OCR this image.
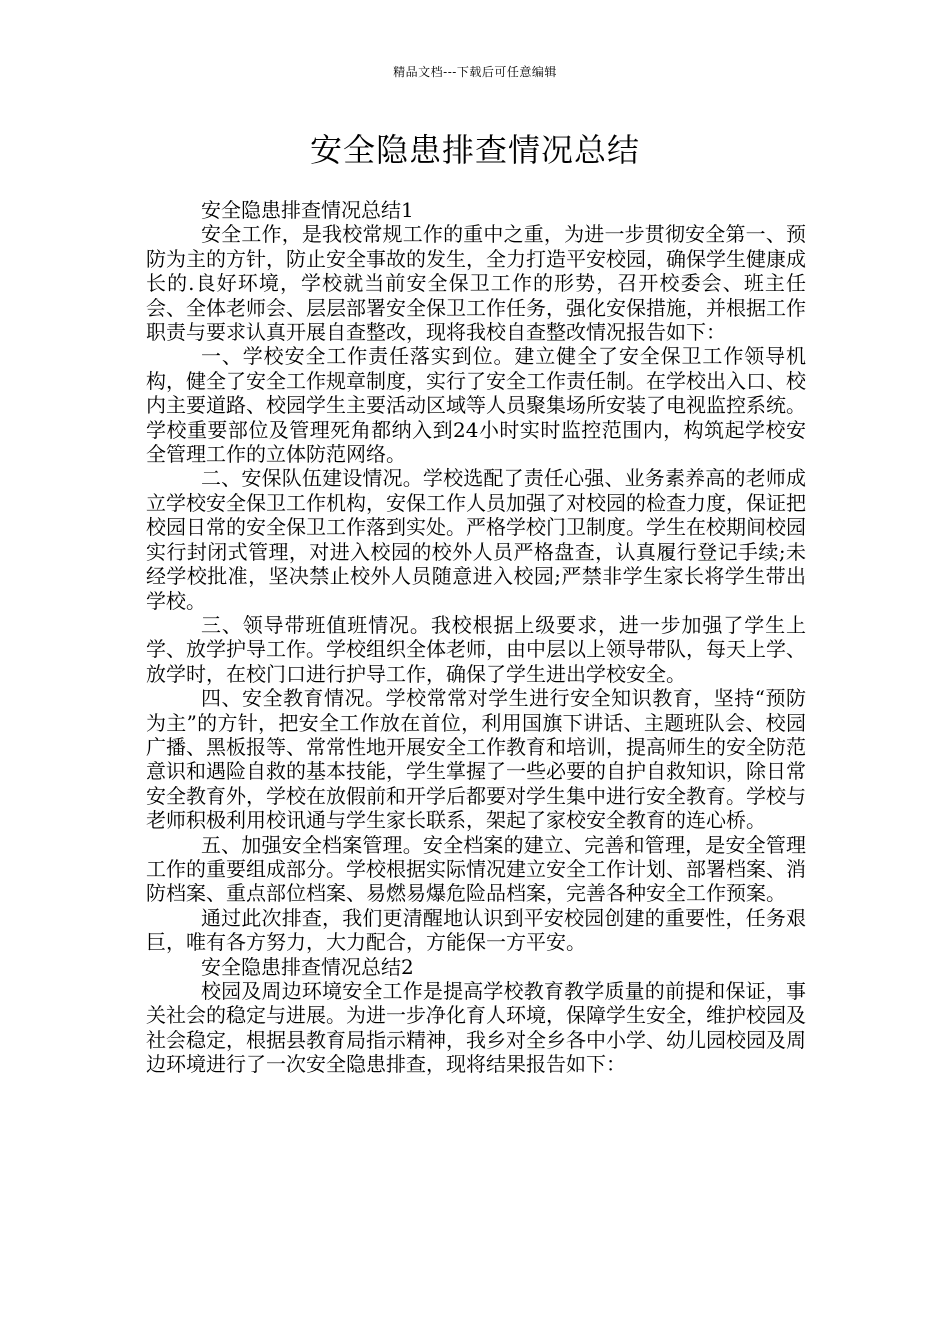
精品文档---下载后可任意编辑
安全隐患排查情况总结

安全隐患排查情况总结1

安全工作，是我校常规工作的重中之重，为进一步贯彻安全第一、预防为主的方针，防止安全事故的发生，全力打造平安校园，确保学生健康成长的.良好环境，学校就当前安全保卫工作的形势，召开校委会、班主任会、全体老师会、层层部署安全保卫工作任务，强化安保措施，并根据工作职责与要求认真开展自查整改，现将我校自查整改情况报告如下：

一、学校安全工作责任落实到位。建立健全了安全保卫工作领导机构，健全了安全工作规章制度，实行了安全工作责任制。在学校出入口、校内主要道路、校园学生主要活动区域等人员聚集场所安装了电视监控系统。学校重要部位及管理死角都纳入到24小时实时监控范围内，构筑起学校安全管理工作的立体防范网络。

二、安保队伍建设情况。学校选配了责任心强、业务素养高的老师成立学校安全保卫工作机构，安保工作人员加强了对校园的检查力度，保证把校园日常的安全保卫工作落到实处。严格学校门卫制度。学生在校期间校园实行封闭式管理，对进入校园的校外人员严格盘查，认真履行登记手续;未经学校批准，坚决禁止校外人员随意进入校园;严禁非学生家长将学生带出学校。

三、领导带班值班情况。我校根据上级要求，进一步加强了学生上学、放学护导工作。学校组织全体老师，由中层以上领导带队，每天上学、放学时，在校门口进行护导工作，确保了学生进出学校安全。

四、安全教育情况。学校常常对学生进行安全知识教育，坚持“预防为主”的方针，把安全工作放在首位，利用国旗下讲话、主题班队会、校园广播、黑板报等、常常性地开展安全工作教育和培训，提高师生的安全防范意识和遇险自救的基本技能，学生掌握了一些必要的自护自救知识，除日常安全教育外，学校在放假前和开学后都要对学生集中进行安全教育。学校与老师积极利用校讯通与学生家长联系，架起了家校安全教育的连心桥。

五、加强安全档案管理。安全档案的建立、完善和管理，是安全管理工作的重要组成部分。学校根据实际情况建立安全工作计划、部署档案、消防档案、重点部位档案、易燃易爆危险品档案，完善各种安全工作预案。

通过此次排查，我们更清醒地认识到平安校园创建的重要性，任务艰巨，唯有各方努力，大力配合，方能保一方平安。

安全隐患排查情况总结2

校园及周边环境安全工作是提高学校教育教学质量的前提和保证，事关社会的稳定与进展。为进一步净化育人环境，保障学生安全，维护校园及社会稳定，根据县教育局指示精神，我乡对全乡各中小学、幼儿园校园及周边环境进行了一次安全隐患排查，现将结果报告如下：
